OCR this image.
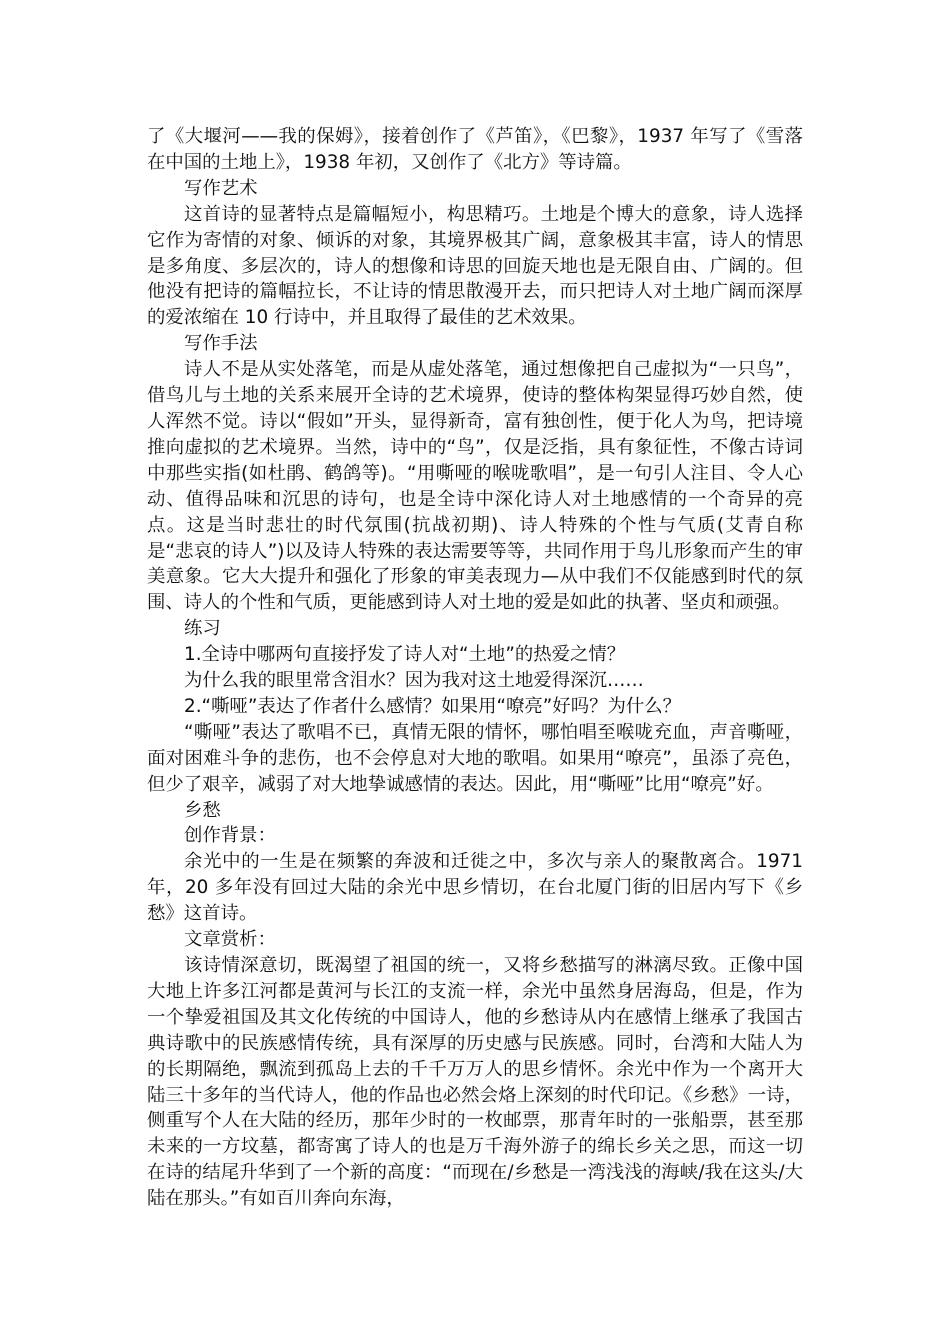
了《大堰河——我的保姆》，接着创作了《芦笛》，《巴黎》，1937 年写了《雪落在中国的土地上》，1938 年初，又创作了《北方》等诗篇。

写作艺术

这首诗的显著特点是篇幅短小，构思精巧。土地是个博大的意象，诗人选择它作为寄情的对象、倾诉的对象，其境界极其广阔，意象极其丰富，诗人的情思是多角度、多层次的，诗人的想像和诗思的回旋天地也是无限自由、广阔的。但他没有把诗的篇幅拉长，不让诗的情思散漫开去，而只把诗人对土地广阔而深厚的爱浓缩在 10 行诗中，并且取得了最佳的艺术效果。

写作手法

诗人不是从实处落笔，而是从虚处落笔，通过想像把自己虚拟为“一只鸟”，借鸟儿与土地的关系来展开全诗的艺术境界，使诗的整体构架显得巧妙自然，使人浑然不觉。诗以“假如”开头，显得新奇，富有独创性，便于化人为鸟，把诗境推向虚拟的艺术境界。当然，诗中的“鸟”，仅是泛指，具有象征性，不像古诗词中那些实指(如杜鹃、鹤鸽等)。“用嘶哑的喉咙歌唱”，是一句引人注目、令人心动、值得品味和沉思的诗句，也是全诗中深化诗人对土地感情的一个奇异的亮点。这是当时悲壮的时代氛围(抗战初期)、诗人特殊的个性与气质(艾青自称是“悲哀的诗人”)以及诗人特殊的表达需要等等，共同作用于鸟儿形象而产生的审美意象。它大大提升和强化了形象的审美表现力—从中我们不仅能感到时代的氛围、诗人的个性和气质，更能感到诗人对土地的爱是如此的执著、坚贞和顽强。

练习

1.全诗中哪两句直接抒发了诗人对“土地”的热爱之情？

为什么我的眼里常含泪水？因为我对这土地爱得深沉……

2.“嘶哑”表达了作者什么感情？如果用“嘹亮”好吗？为什么？

“嘶哑”表达了歌唱不已，真情无限的情怀，哪怕唱至喉咙充血，声音嘶哑，面对困难斗争的悲伤，也不会停息对大地的歌唱。如果用“嘹亮”，虽添了亮色，但少了艰辛，减弱了对大地挚诚感情的表达。因此，用“嘶哑”比用“嘹亮”好。

乡愁

创作背景：

余光中的一生是在频繁的奔波和迁徙之中，多次与亲人的聚散离合。1971 年，20 多年没有回过大陆的余光中思乡情切，在台北厦门街的旧居内写下《乡愁》这首诗。

文章赏析：

该诗情深意切，既渴望了祖国的统一，又将乡愁描写的淋漓尽致。正像中国大地上许多江河都是黄河与长江的支流一样，余光中虽然身居海岛，但是，作为一个挚爱祖国及其文化传统的中国诗人，他的乡愁诗从内在感情上继承了我国古典诗歌中的民族感情传统，具有深厚的历史感与民族感。同时，台湾和大陆人为的长期隔绝，飘流到孤岛上去的千千万万人的思乡情怀。余光中作为一个离开大陆三十多年的当代诗人，他的作品也必然会烙上深刻的时代印记。《乡愁》一诗，侧重写个人在大陆的经历，那年少时的一枚邮票，那青年时的一张船票，甚至那未来的一方坟墓，都寄寓了诗人的也是万千海外游子的绵长乡关之思，而这一切在诗的结尾升华到了一个新的高度：“而现在/乡愁是一湾浅浅的海峡/我在这头/大陆在那头。”有如百川奔向东海，
